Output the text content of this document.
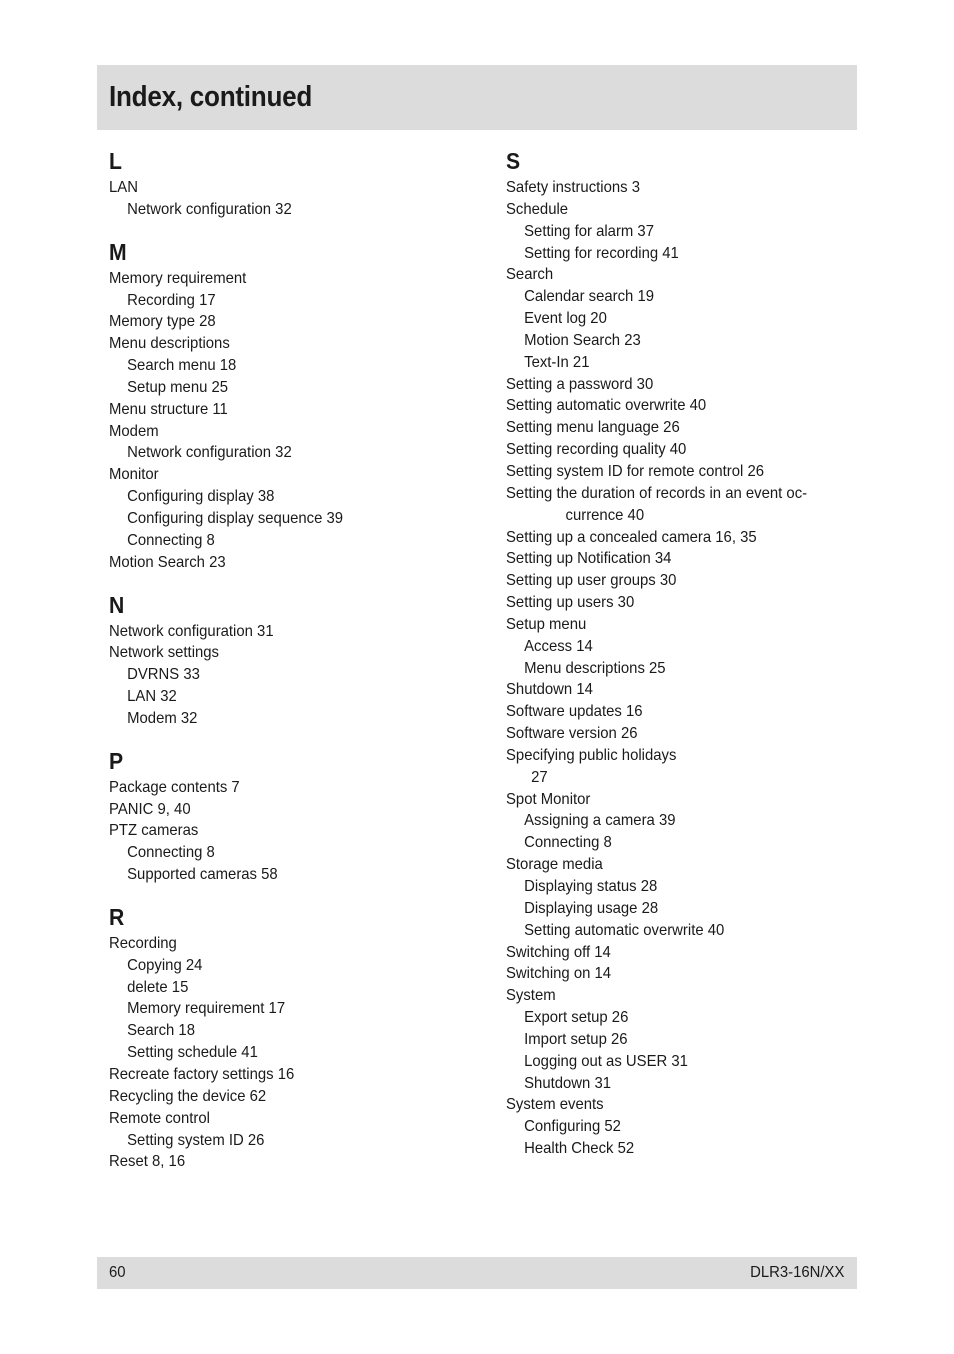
Index, continued
L
LAN
Network configuration 32
M
Memory requirement
Recording 17
Memory type 28
Menu descriptions
Search menu 18
Setup menu 25
Menu structure 11
Modem
Network configuration 32
Monitor
Configuring display 38
Configuring display sequence 39
Connecting 8
Motion Search 23
N
Network configuration 31
Network settings
DVRNS 33
LAN 32
Modem 32
P
Package contents 7
PANIC 9, 40
PTZ cameras
Connecting 8
Supported cameras 58
R
Recording
Copying 24
delete 15
Memory requirement 17
Search 18
Setting schedule 41
Recreate factory settings 16
Recycling the device 62
Remote control
Setting system ID 26
Reset 8, 16
S
Safety instructions 3
Schedule
Setting for alarm 37
Setting for recording 41
Search
Calendar search 19
Event log 20
Motion Search 23
Text-In 21
Setting a password 30
Setting automatic overwrite 40
Setting menu language 26
Setting recording quality 40
Setting system ID for remote control 26
Setting the duration of records in an event oc-
currence 40
Setting up a concealed camera 16, 35
Setting up Notification 34
Setting up user groups 30
Setting up users 30
Setup menu
Access 14
Menu descriptions 25
Shutdown 14
Software updates 16
Software version 26
Specifying public holidays
27
Spot Monitor
Assigning a camera 39
Connecting 8
Storage media
Displaying status 28
Displaying usage 28
Setting automatic overwrite 40
Switching off 14
Switching on 14
System
Export setup 26
Import setup 26
Logging out as USER 31
Shutdown 31
System events
Configuring 52
Health Check 52
60	DLR3-16N/XX
